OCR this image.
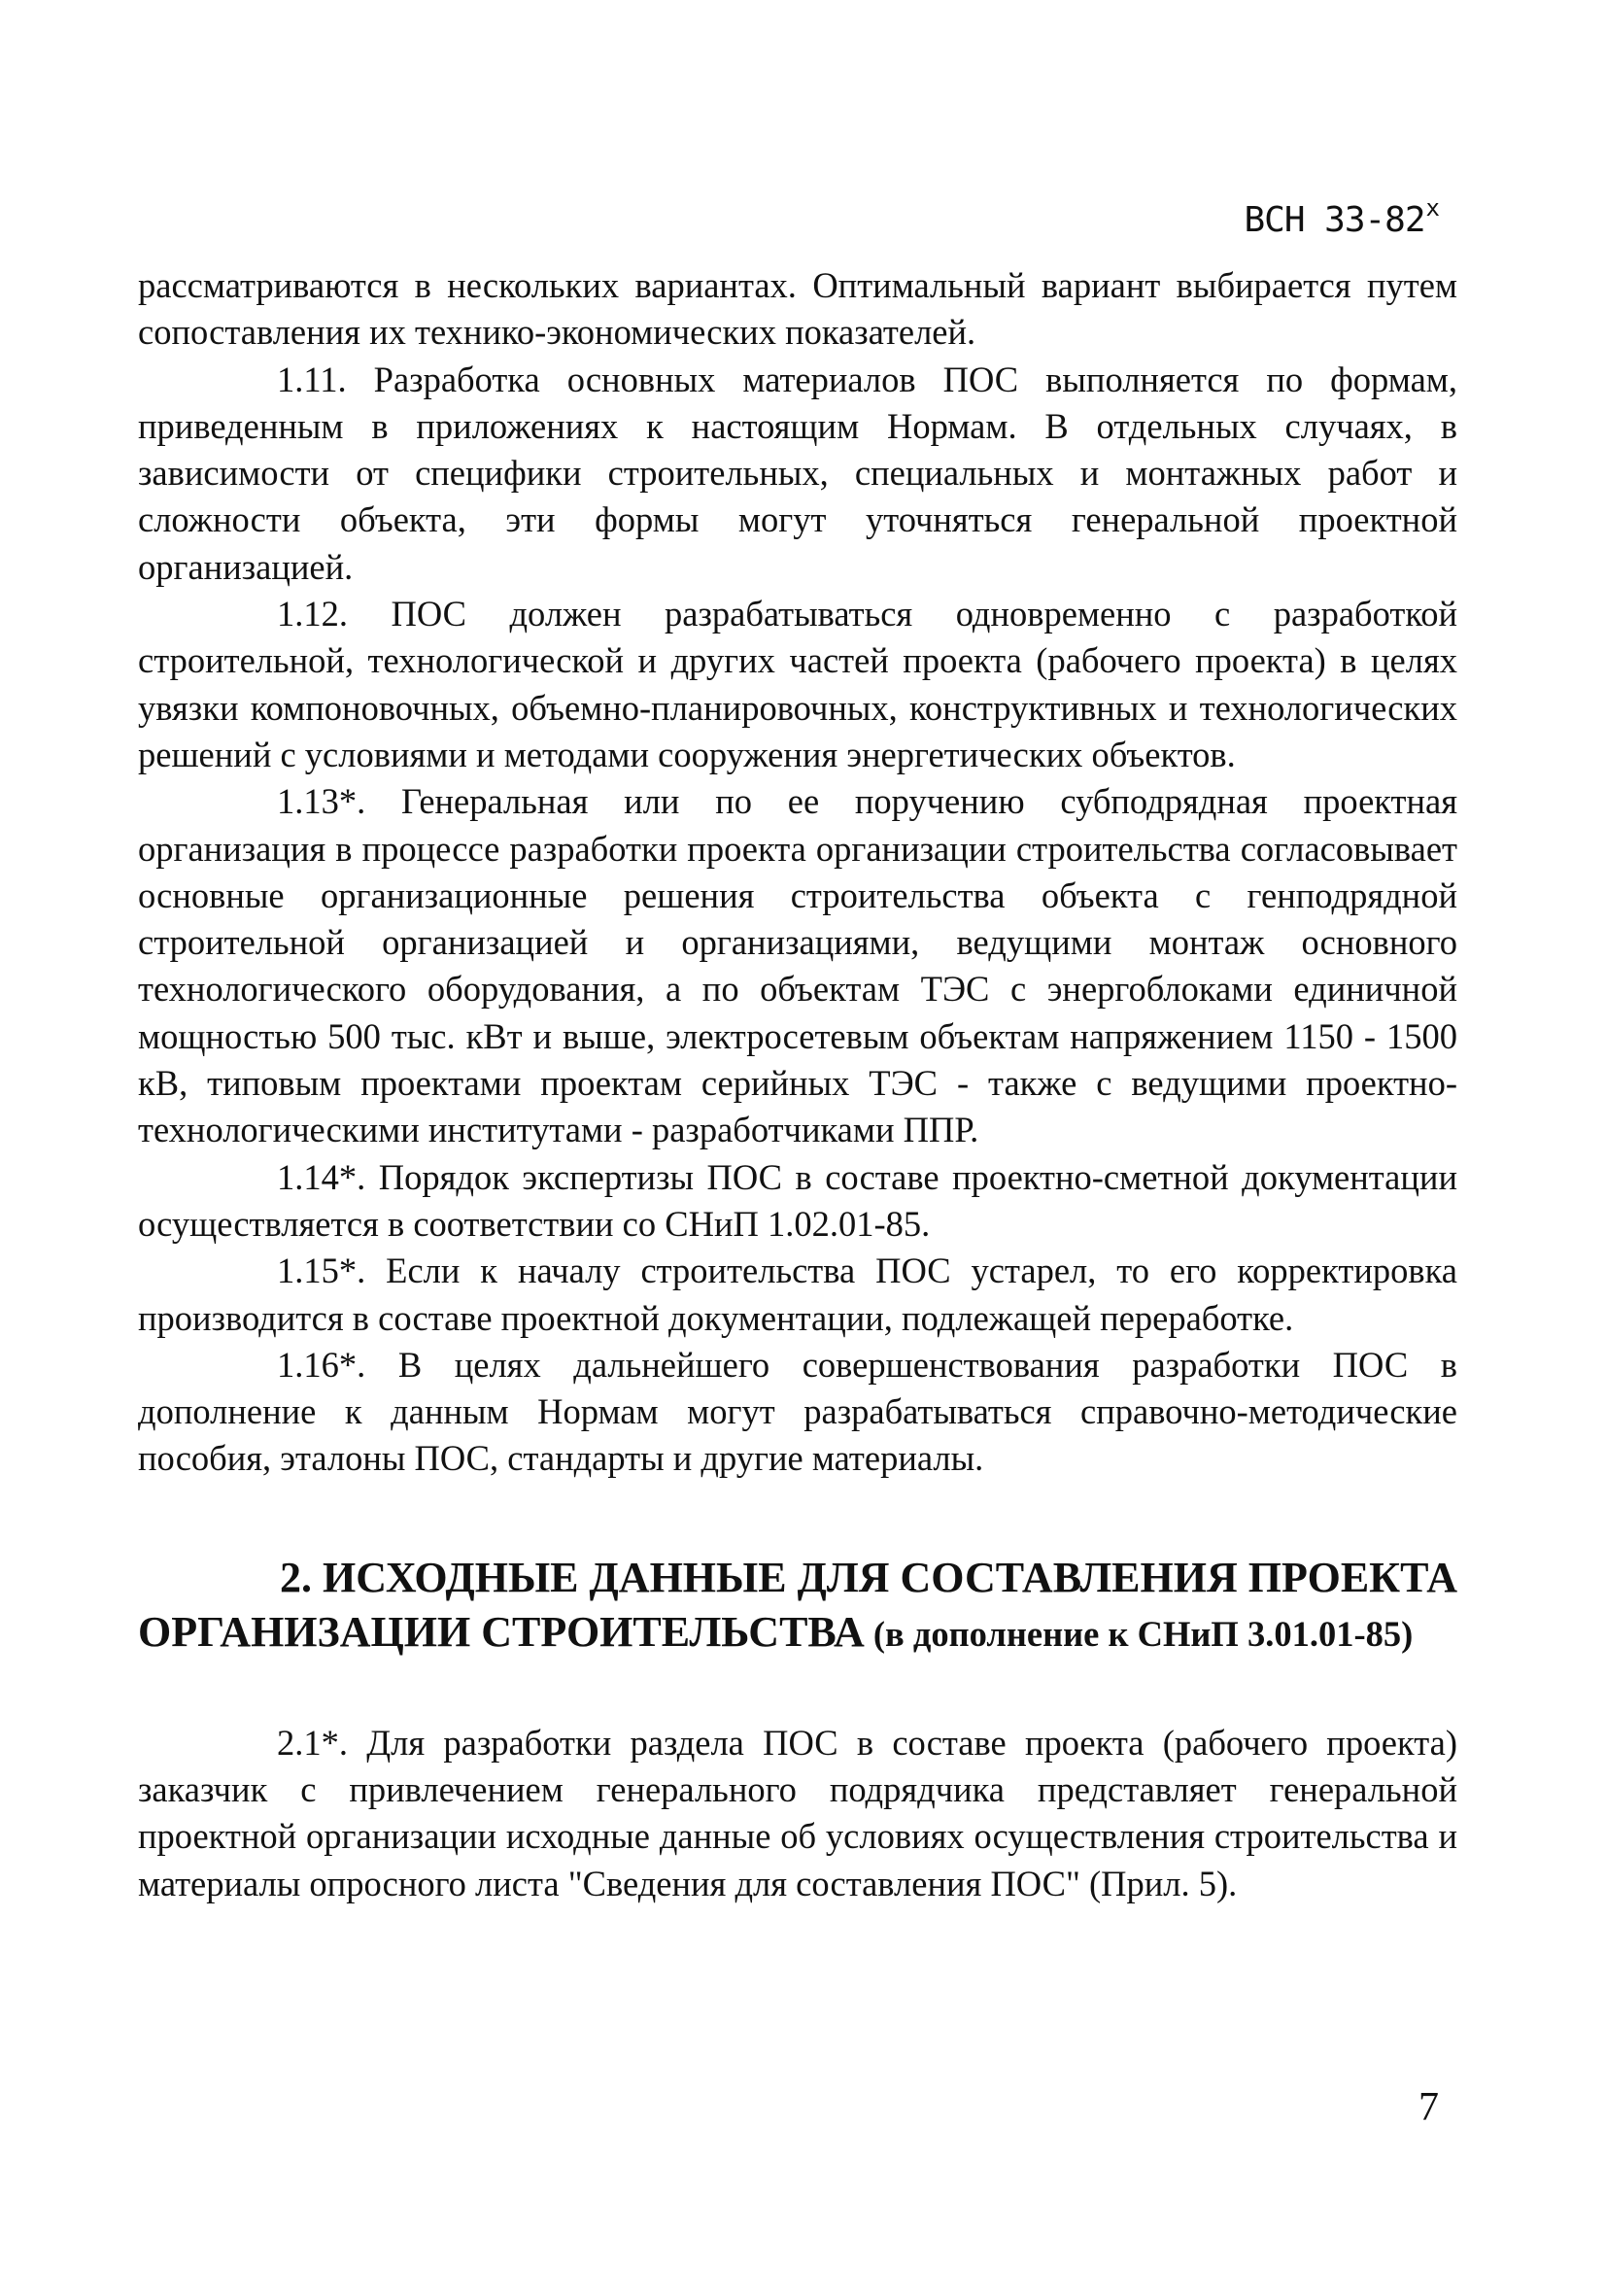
ВСН 33-82$^x$

рассматриваются в нескольких вариантах. Оптимальный вариант выбирается путем сопоставления их технико-экономических показателей.

1.11. Разработка основных материалов ПОС выполняется по формам, приведенным в приложениях к настоящим Нормам. В отдельных случаях, в зависимости от специфики строительных, специальных и монтажных работ и сложности объекта, эти формы могут уточняться генеральной проектной организацией.

1.12. ПОС должен разрабатываться одновременно с разработкой строительной, технологической и других частей проекта (рабочего проекта) в целях увязки компоновочных, объемно-планировочных, конструктивных и технологических решений с условиями и методами сооружения энергетических объектов.

1.13*. Генеральная или по ее поручению субподрядная проектная организация в процессе разработки проекта организации строительства согласовывает основные организационные решения строительства объекта с генподрядной строительной организацией и организациями, ведущими монтаж основного технологического оборудования, а по объектам ТЭС с энергоблоками единичной мощностью 500 тыс. кВт и выше, электросетевым объектам напряжением 1150 - 1500 кВ, типовым проектами проектам серийных ТЭС - также с ведущими проектно-технологическими институтами - разработчиками ППР.

1.14*. Порядок экспертизы ПОС в составе проектно-сметной документации осуществляется в соответствии со СНиП 1.02.01-85.

1.15*. Если к началу строительства ПОС устарел, то его корректировка производится в составе проектной документации, подлежащей переработке.

1.16*. В целях дальнейшего совершенствования разработки ПОС в дополнение к данным Нормам могут разрабатываться справочно-методические пособия, эталоны ПОС, стандарты и другие материалы.

2. ИСХОДНЫЕ ДАННЫЕ ДЛЯ СОСТАВЛЕНИЯ ПРОЕКТА ОРГАНИЗАЦИИ СТРОИТЕЛЬСТВА (в дополнение к СНиП 3.01.01-85)

2.1*. Для разработки раздела ПОС в составе проекта (рабочего проекта) заказчик с привлечением генерального подрядчика представляет генеральной проектной организации исходные данные об условиях осуществления строительства и материалы опросного листа "Сведения для составления ПОС" (Прил. 5).

7
